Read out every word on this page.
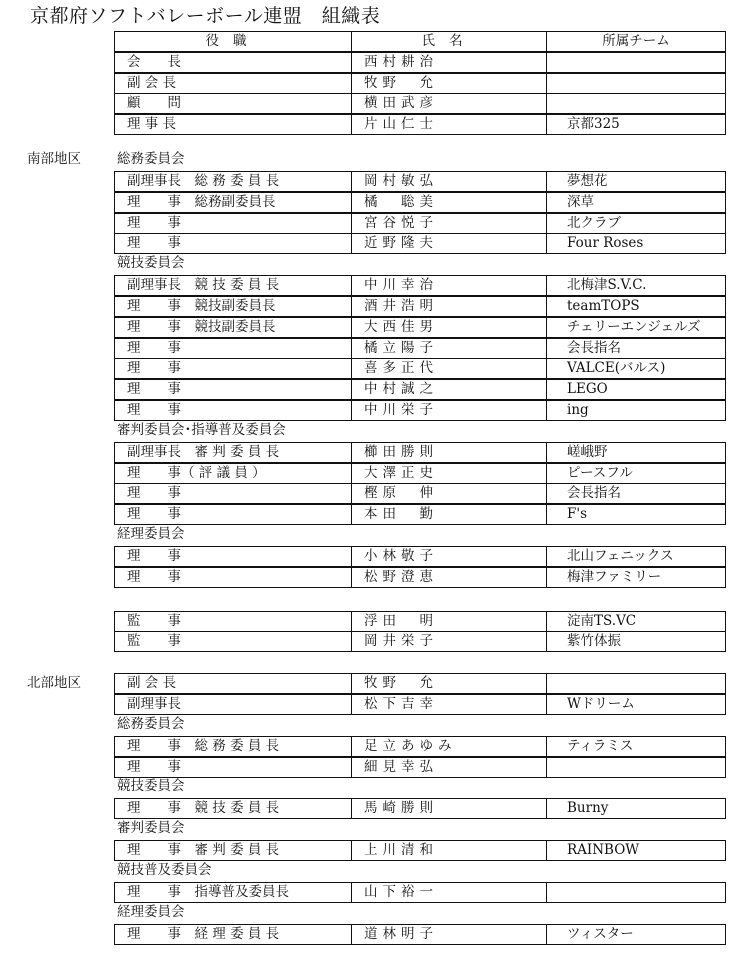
京都府ソフトバレーボール連盟　組織表
役職	氏名	所属チーム
会　　長	西村耕治
副 会 長	牧野　允
顧　　問	横田武彦
理 事 長	片山仁士	京都325
南部地区	総務委員会
副理事長　総 務 委 員 長	岡村敏弘	夢想花
理　　事　総務副委員長	橘　聡美	深草
理　　事	宮谷悦子	北クラブ
理　　事	近野隆夫	Four Roses
競技委員会
副理事長　競 技 委 員 長	中川幸治	北梅津S.V.C.
理　　事　競技副委員長	酒井浩明	teamTOPS
理　　事　競技副委員長	大西佳男	チェリーエンジェルズ
理　　事	橘立陽子	会長指名
理　　事	喜多正代	VALCE(バルス)
理　　事	中村誠之	LEGO
理　　事	中川栄子	ing
審判委員会･指導普及委員会
副理事長　審 判 委 員 長	櫛田勝則	嵯峨野
理　　事（ 評 議 員 ）	大澤正史	ピースフル
理　　事	樫原　伸	会長指名
理　　事	本田　勤	F's
経理委員会
理　　事	小林敬子	北山フェニックス
理　　事	松野澄恵	梅津ファミリー
監　　事	浮田　明	淀南TS.VC
監　　事	岡井栄子	紫竹体振
北部地区	副 会 長	牧野　允
副理事長	松下吉幸	Wドリーム
総務委員会
理　　事　総 務 委 員 長	足立あゆみ	ティラミス
理　　事	細見幸弘
競技委員会
理　　事　競 技 委 員 長	馬崎勝則	Burny
審判委員会
理　　事　審 判 委 員 長	上川清和	RAINBOW
競技普及委員会
理　　事　指導普及委員長	山下裕一
経理委員会
理　　事　経 理 委 員 長	道林明子	ツィスター
